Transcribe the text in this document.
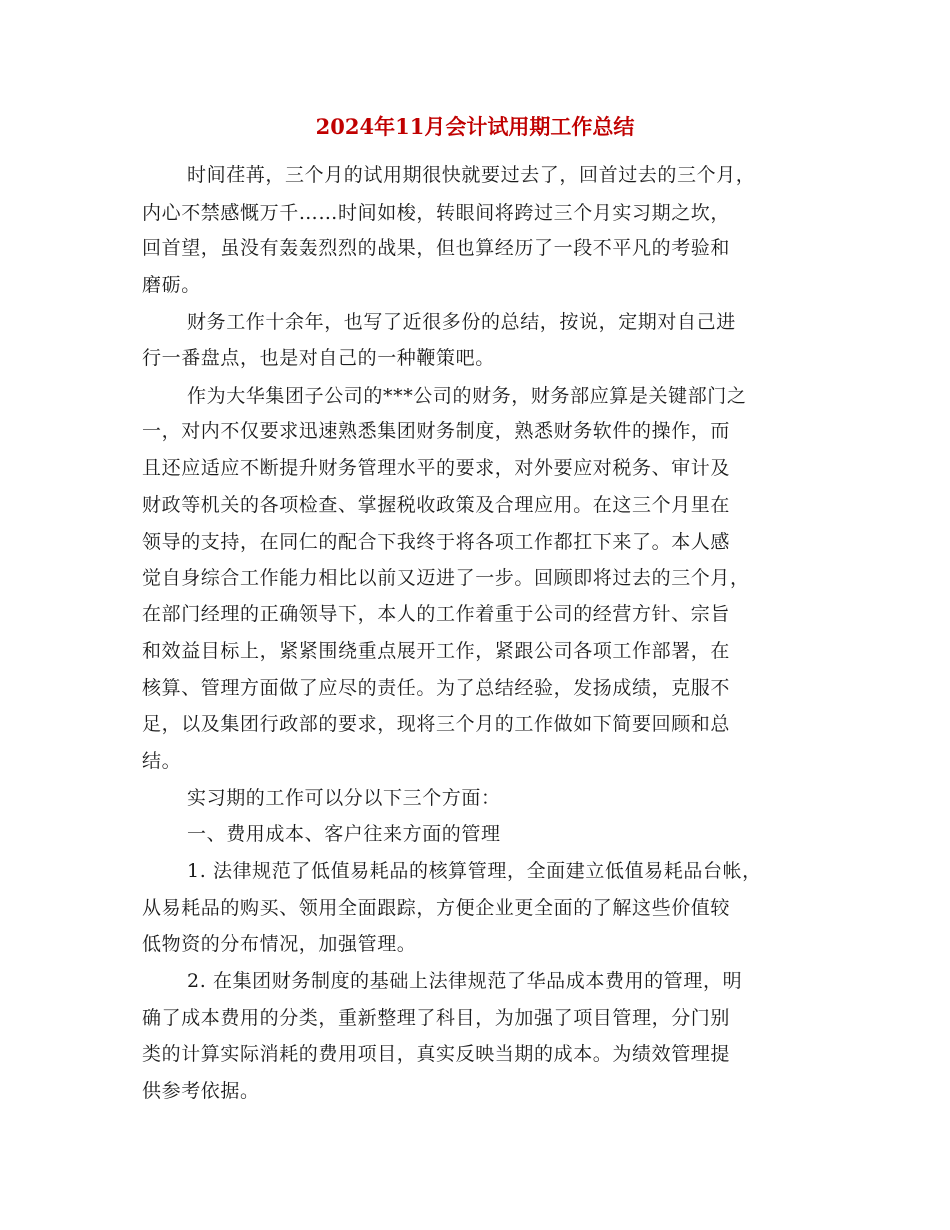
2024年11月会计试用期工作总结
时间荏苒，三个月的试用期很快就要过去了，回首过去的三个月，
内心不禁感慨万千……时间如梭，转眼间将跨过三个月实习期之坎，
回首望，虽没有轰轰烈烈的战果，但也算经历了一段不平凡的考验和
磨砺。
财务工作十余年，也写了近很多份的总结，按说，定期对自己进
行一番盘点，也是对自己的一种鞭策吧。
作为大华集团子公司的***公司的财务，财务部应算是关键部门之
一，对内不仅要求迅速熟悉集团财务制度，熟悉财务软件的操作，而
且还应适应不断提升财务管理水平的要求，对外要应对税务、审计及
财政等机关的各项检查、掌握税收政策及合理应用。在这三个月里在
领导的支持，在同仁的配合下我终于将各项工作都扛下来了。本人感
觉自身综合工作能力相比以前又迈进了一步。回顾即将过去的三个月，
在部门经理的正确领导下，本人的工作着重于公司的经营方针、宗旨
和效益目标上，紧紧围绕重点展开工作，紧跟公司各项工作部署，在
核算、管理方面做了应尽的责任。为了总结经验，发扬成绩，克服不
足，以及集团行政部的要求，现将三个月的工作做如下简要回顾和总
结。
实习期的工作可以分以下三个方面：
一、费用成本、客户往来方面的管理
1. 法律规范了低值易耗品的核算管理，全面建立低值易耗品台帐，
从易耗品的购买、领用全面跟踪，方便企业更全面的了解这些价值较
低物资的分布情况，加强管理。
2. 在集团财务制度的基础上法律规范了华品成本费用的管理，明
确了成本费用的分类，重新整理了科目，为加强了项目管理，分门别
类的计算实际消耗的费用项目，真实反映当期的成本。为绩效管理提
供参考依据。
